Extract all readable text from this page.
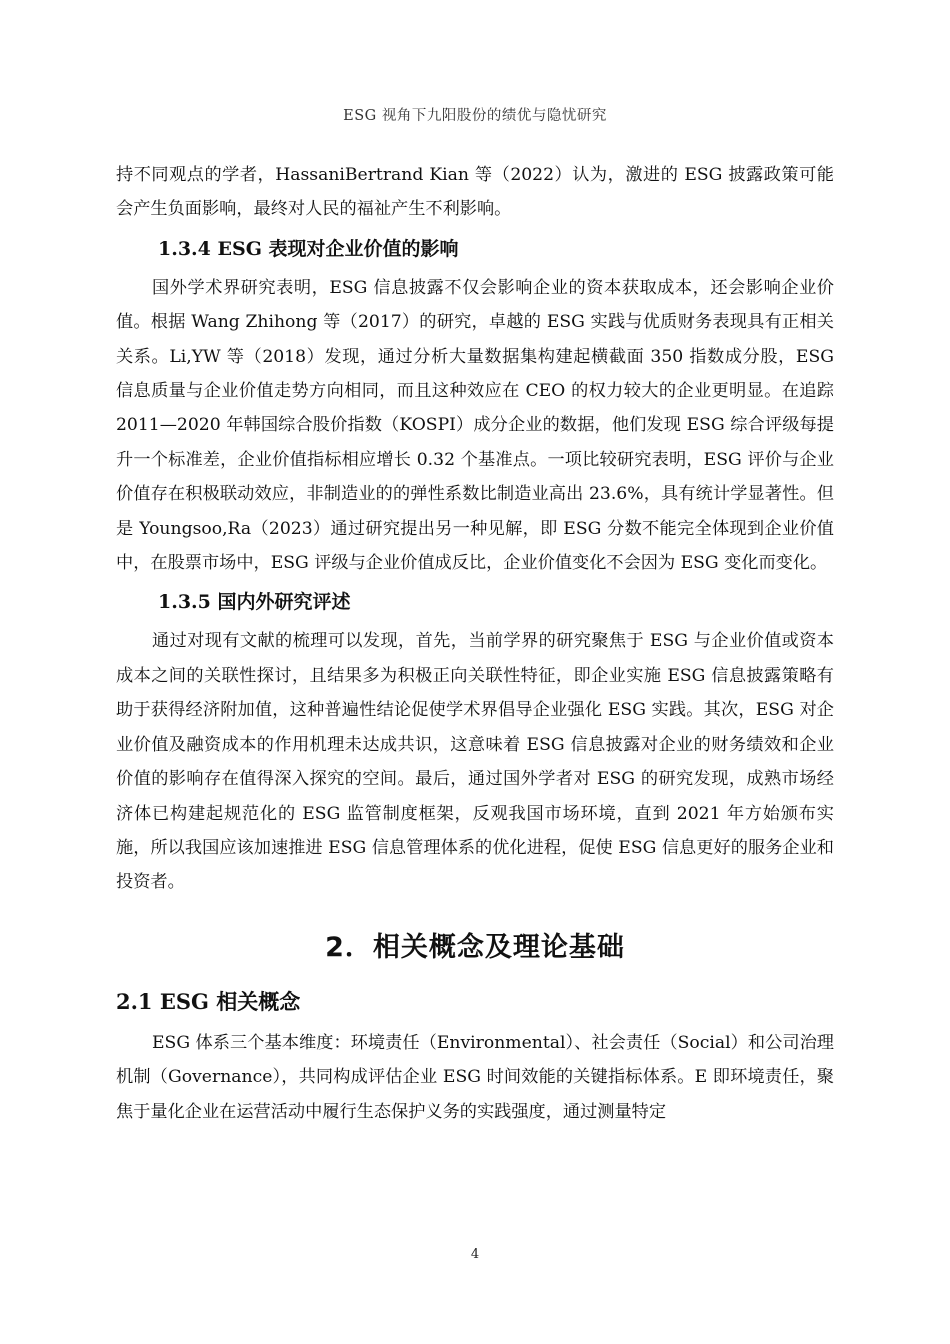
ESG 视角下九阳股份的绩优与隐忧研究

持不同观点的学者，HassaniBertrand Kian 等（2022）认为，激进的 ESG 披露政策可能会产生负面影响，最终对人民的福祉产生不利影响。

1.3.4 ESG 表现对企业价值的影响

国外学术界研究表明，ESG 信息披露不仅会影响企业的资本获取成本，还会影响企业价值。根据 Wang Zhihong 等（2017）的研究，卓越的 ESG 实践与优质财务表现具有正相关关系。Li,YW 等（2018）发现，通过分析大量数据集构建起横截面 350 指数成分股，ESG 信息质量与企业价值走势方向相同，而且这种效应在 CEO 的权力较大的企业更明显。在追踪 2011—2020 年韩国综合股价指数（KOSPI）成分企业的数据，他们发现 ESG 综合评级每提升一个标准差，企业价值指标相应增长 0.32 个基准点。一项比较研究表明，ESG 评价与企业价值存在积极联动效应，非制造业的的弹性系数比制造业高出 23.6%，具有统计学显著性。但是 Youngsoo,Ra（2023）通过研究提出另一种见解，即 ESG 分数不能完全体现到企业价值中，在股票市场中，ESG 评级与企业价值成反比，企业价值变化不会因为 ESG 变化而变化。

1.3.5 国内外研究评述

通过对现有文献的梳理可以发现，首先，当前学界的研究聚焦于 ESG 与企业价值或资本成本之间的关联性探讨，且结果多为积极正向关联性特征，即企业实施 ESG 信息披露策略有助于获得经济附加值，这种普遍性结论促使学术界倡导企业强化 ESG 实践。其次，ESG 对企业价值及融资成本的作用机理未达成共识，这意味着 ESG 信息披露对企业的财务绩效和企业价值的影响存在值得深入探究的空间。最后，通过国外学者对 ESG 的研究发现，成熟市场经济体已构建起规范化的 ESG 监管制度框架，反观我国市场环境，直到 2021 年方始颁布实施，所以我国应该加速推进 ESG 信息管理体系的优化进程，促使 ESG 信息更好的服务企业和投资者。

2．相关概念及理论基础
2.1 ESG 相关概念

ESG 体系三个基本维度：环境责任（Environmental）、社会责任（Social）和公司治理机制（Governance），共同构成评估企业 ESG 时间效能的关键指标体系。E 即环境责任，聚焦于量化企业在运营活动中履行生态保护义务的实践强度，通过测量特定

4
